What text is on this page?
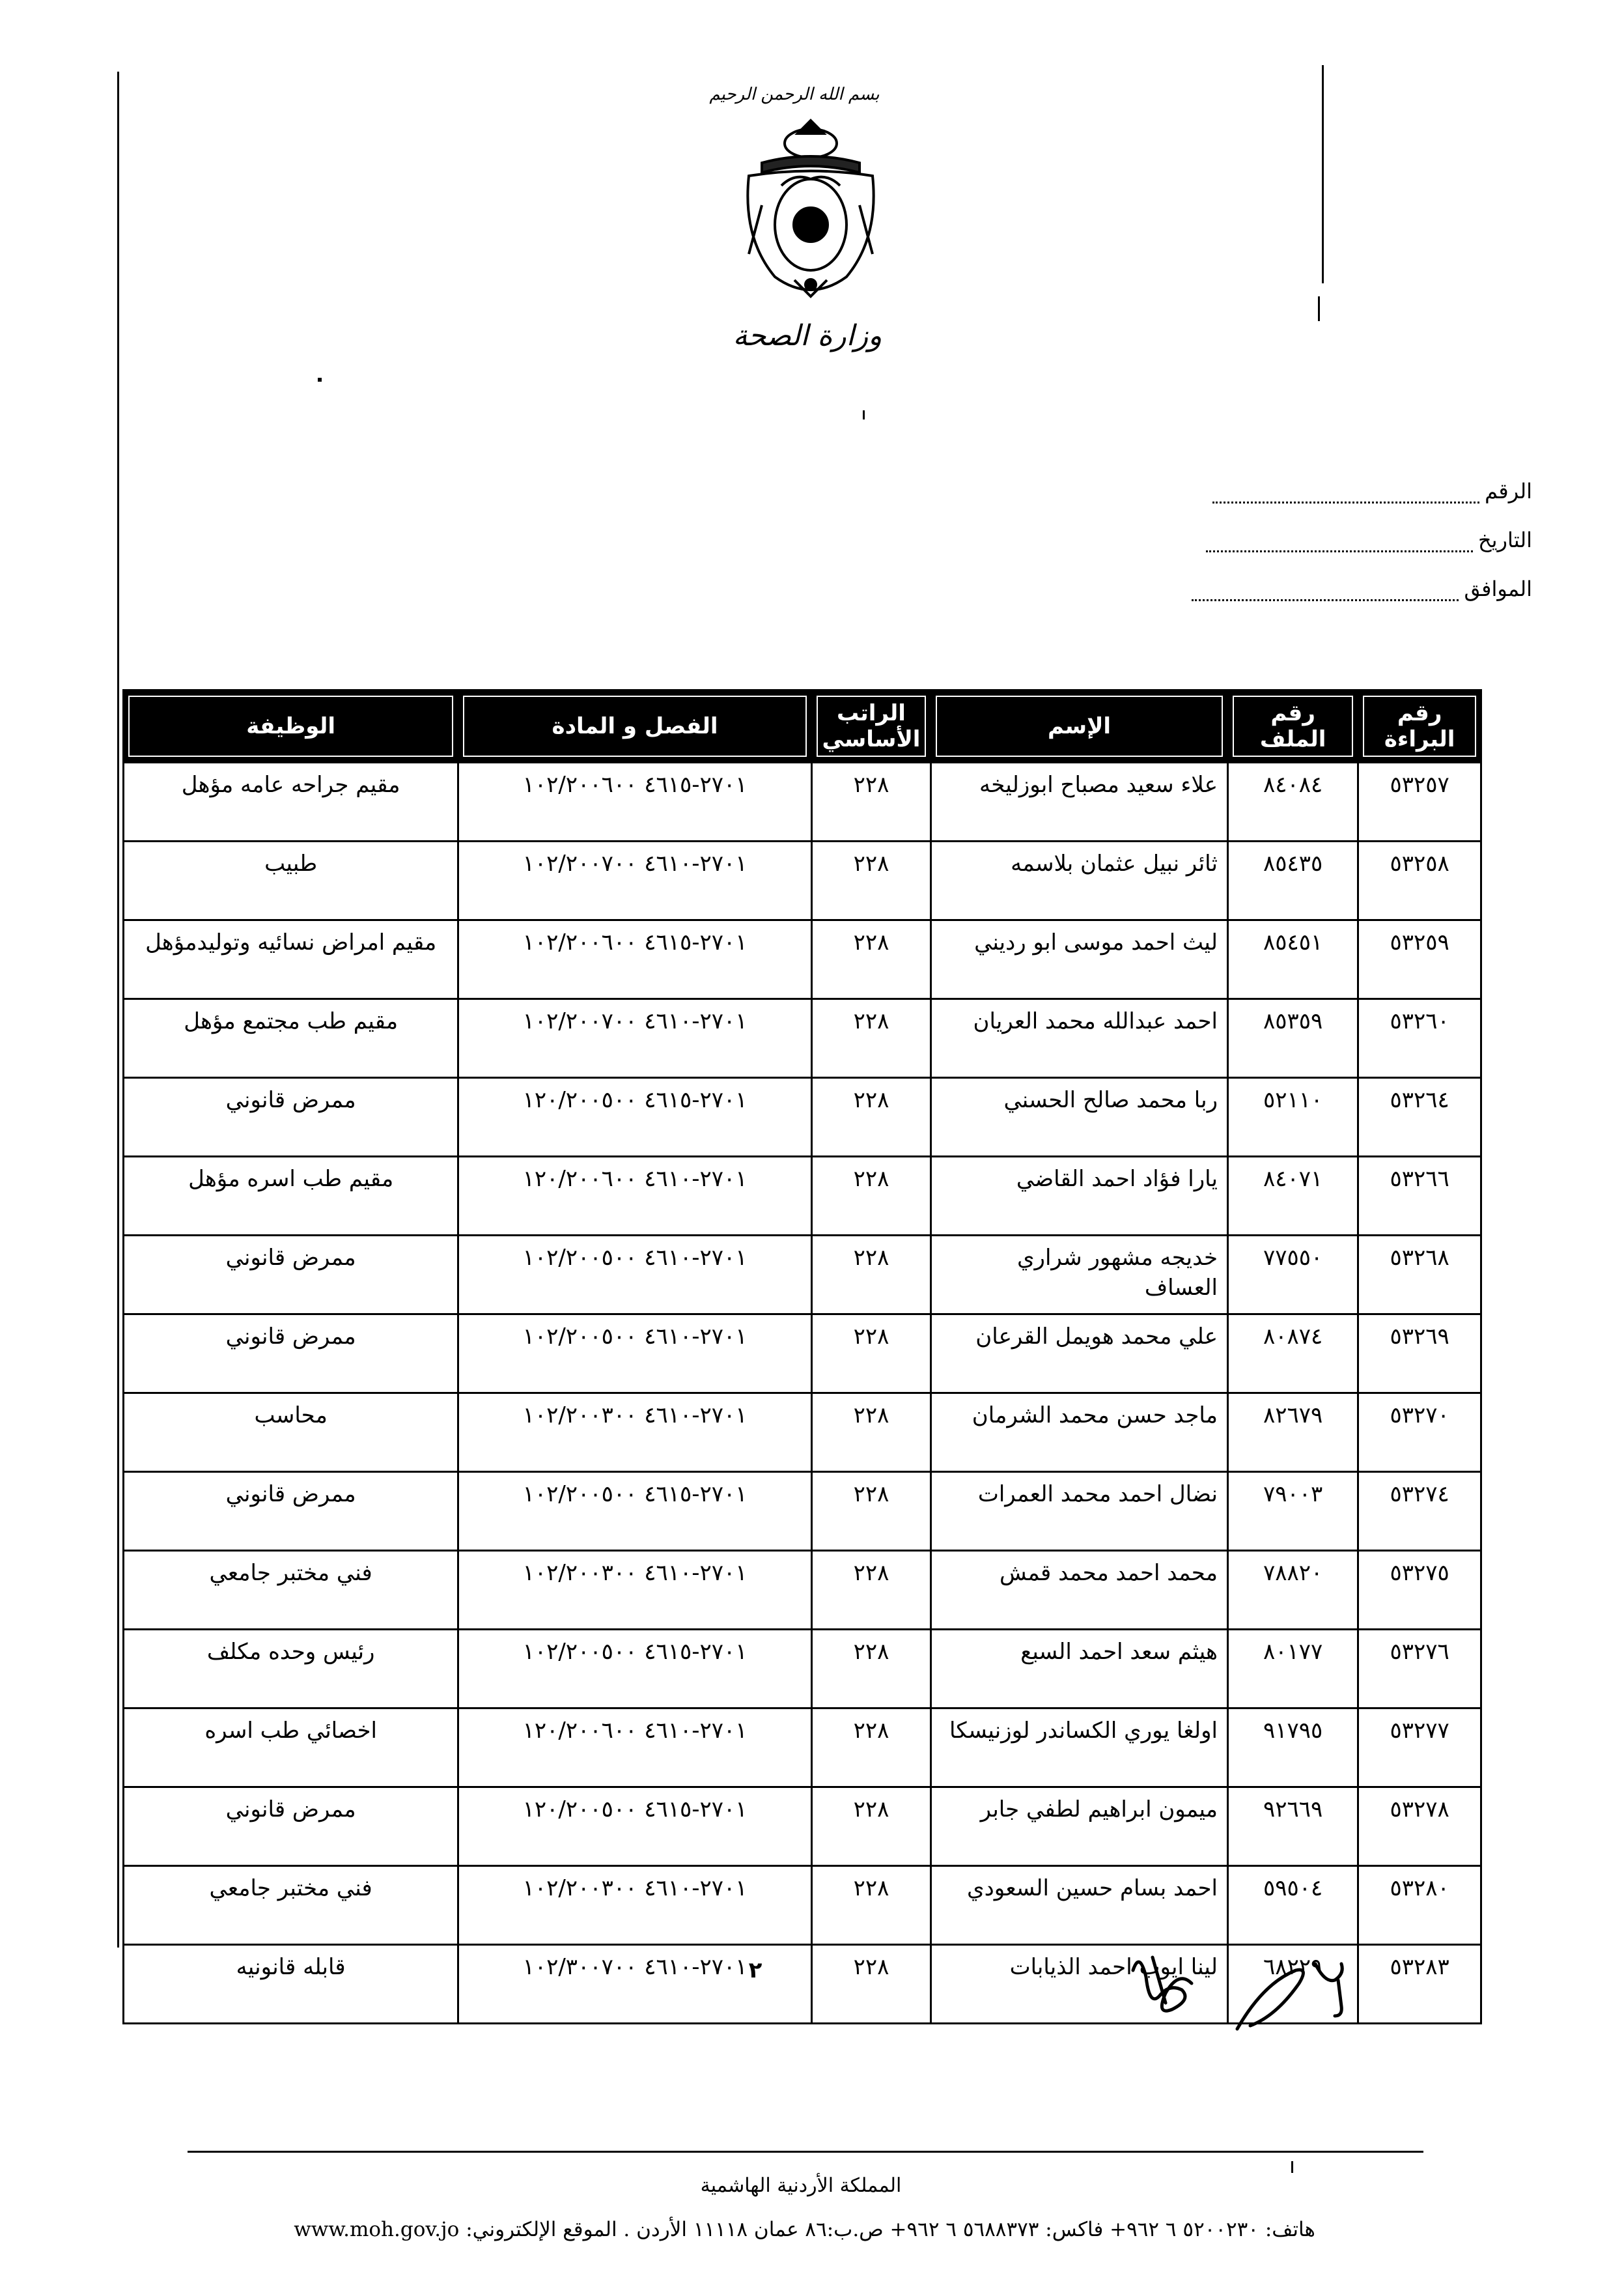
بسم الله الرحمن الرحيم
وزارة الصحة
الرقم
التاريخ
الموافق
رقم البراءة	رقم الملف	الإسم	الراتب الأساسي	الفصل و المادة	الوظيفة

٥٣٢٥٧	٨٤٠٨٤	علاء سعيد مصباح ابوزليخه	٢٢٨	٢٧٠١-٤٦١٥ ١٠٢/٢٠٠٦٠٠	مقيم جراحه عامه مؤهل
٥٣٢٥٨	٨٥٤٣٥	ثائر نبيل عثمان بلاسمه	٢٢٨	٢٧٠١-٤٦١٠ ١٠٢/٢٠٠٧٠٠	طبيب
٥٣٢٥٩	٨٥٤٥١	ليث احمد موسى ابو رديني	٢٢٨	٢٧٠١-٤٦١٥ ١٠٢/٢٠٠٦٠٠	مقيم امراض نسائيه وتوليدمؤهل
٥٣٢٦٠	٨٥٣٥٩	احمد عبدالله محمد العريان	٢٢٨	٢٧٠١-٤٦١٠ ١٠٢/٢٠٠٧٠٠	مقيم طب مجتمع مؤهل
٥٣٢٦٤	٥٢١١٠	ربا محمد صالح الحسني	٢٢٨	٢٧٠١-٤٦١٥ ١٢٠/٢٠٠٥٠٠	ممرض قانوني
٥٣٢٦٦	٨٤٠٧١	يارا فؤاد احمد القاضي	٢٢٨	٢٧٠١-٤٦١٠ ١٢٠/٢٠٠٦٠٠	مقيم طب اسره مؤهل
٥٣٢٦٨	٧٧٥٥٠	خديجه مشهور شراري العساف	٢٢٨	٢٧٠١-٤٦١٠ ١٠٢/٢٠٠٥٠٠	ممرض قانوني
٥٣٢٦٩	٨٠٨٧٤	علي محمد هويمل القرعان	٢٢٨	٢٧٠١-٤٦١٠ ١٠٢/٢٠٠٥٠٠	ممرض قانوني
٥٣٢٧٠	٨٢٦٧٩	ماجد حسن محمد الشرمان	٢٢٨	٢٧٠١-٤٦١٠ ١٠٢/٢٠٠٣٠٠	محاسب
٥٣٢٧٤	٧٩٠٠٣	نضال احمد محمد العمرات	٢٢٨	٢٧٠١-٤٦١٥ ١٠٢/٢٠٠٥٠٠	ممرض قانوني
٥٣٢٧٥	٧٨٨٢٠	محمد احمد محمد قمش	٢٢٨	٢٧٠١-٤٦١٠ ١٠٢/٢٠٠٣٠٠	فني مختبر جامعي
٥٣٢٧٦	٨٠١٧٧	هيثم سعد احمد السبع	٢٢٨	٢٧٠١-٤٦١٥ ١٠٢/٢٠٠٥٠٠	رئيس وحده مكلف
٥٣٢٧٧	٩١٧٩٥	اولغا يوري الكساندر لوزنيسكا	٢٢٨	٢٧٠١-٤٦١٠ ١٢٠/٢٠٠٦٠٠	اخصائي طب اسره
٥٣٢٧٨	٩٢٦٦٩	ميمون ابراهيم لطفي جابر	٢٢٨	٢٧٠١-٤٦١٥ ١٢٠/٢٠٠٥٠٠	ممرض قانوني
٥٣٢٨٠	٥٩٥٠٤	احمد بسام حسين السعودي	٢٢٨	٢٧٠١-٤٦١٠ ١٠٢/٢٠٠٣٠٠	فني مختبر جامعي
٥٣٢٨٣	٦٨٢٢٩	لينا ايوب احمد الذيابات	٢٢٨	٢٧٠١-٤٦١٠ ١٠٢/٣٠٠٧٠٠	قابله قانونيه	٢
المملكة الأردنية الهاشمية
هاتف: ٥٢٠٠٢٣٠ ٦ ٩٦٢+ فاكس: ٥٦٨٨٣٧٣ ٦ ٩٦٢+ ص.ب:٨٦ عمان ١١١١٨ الأردن . الموقع الإلكتروني: www.moh.gov.jo
